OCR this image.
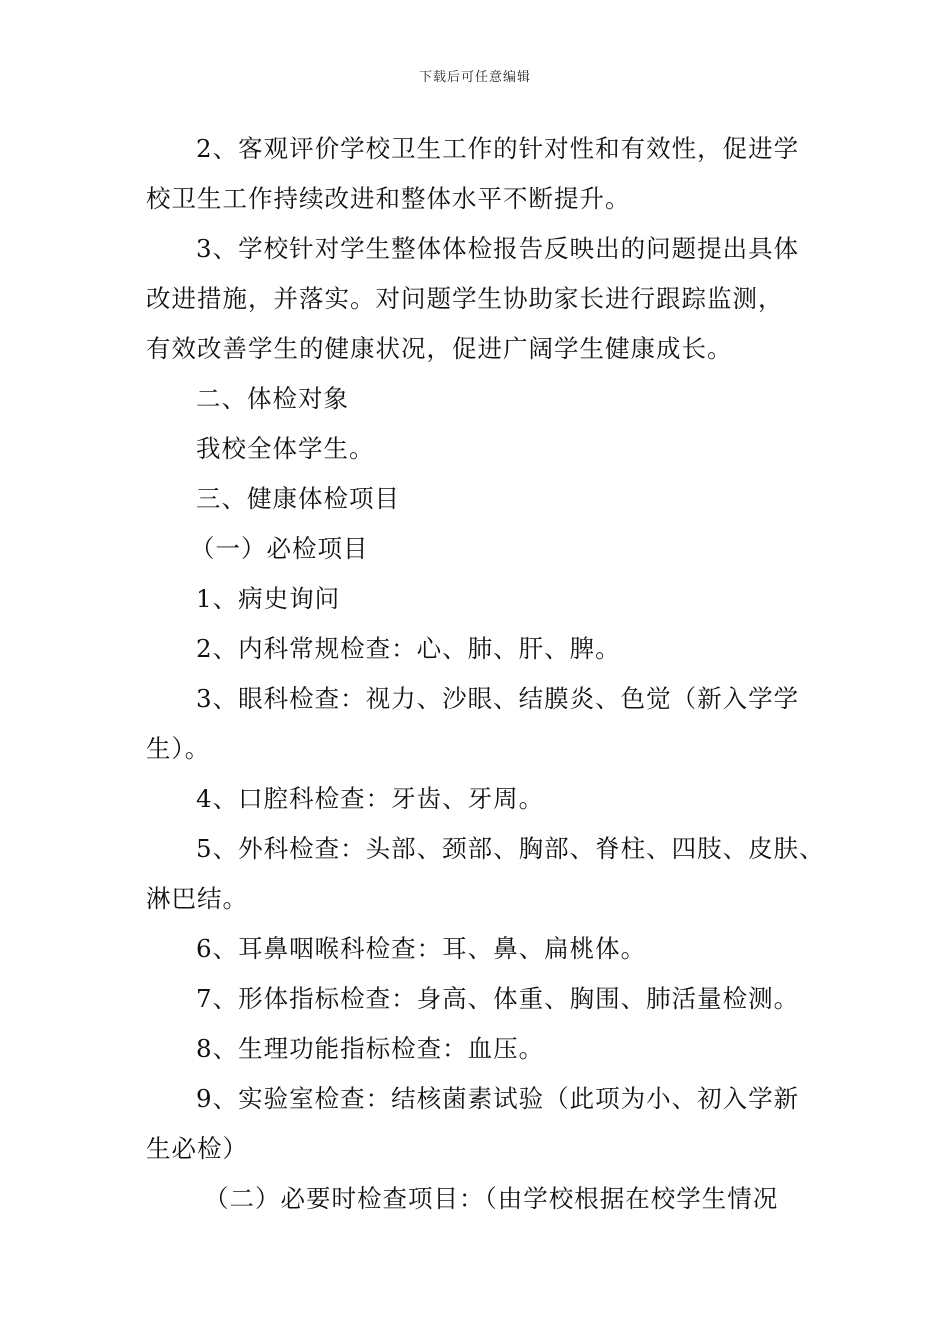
下载后可任意编辑
2、客观评价学校卫生工作的针对性和有效性，促进学
校卫生工作持续改进和整体水平不断提升。
3、学校针对学生整体体检报告反映出的问题提出具体
改进措施，并落实。对问题学生协助家长进行跟踪监测，
有效改善学生的健康状况，促进广阔学生健康成长。
二、体检对象
我校全体学生。
三、健康体检项目
（一）必检项目
1、病史询问
2、内科常规检查：心、肺、肝、脾。
3、眼科检查：视力、沙眼、结膜炎、色觉（新入学学
生）。
4、口腔科检查：牙齿、牙周。
5、外科检查：头部、颈部、胸部、脊柱、四肢、皮肤、
淋巴结。
6、耳鼻咽喉科检查：耳、鼻、扁桃体。
7、形体指标检查：身高、体重、胸围、肺活量检测。
8、生理功能指标检查：血压。
9、实验室检查：结核菌素试验（此项为小、初入学新
生必检）
（二）必要时检查项目：（由学校根据在校学生情况
